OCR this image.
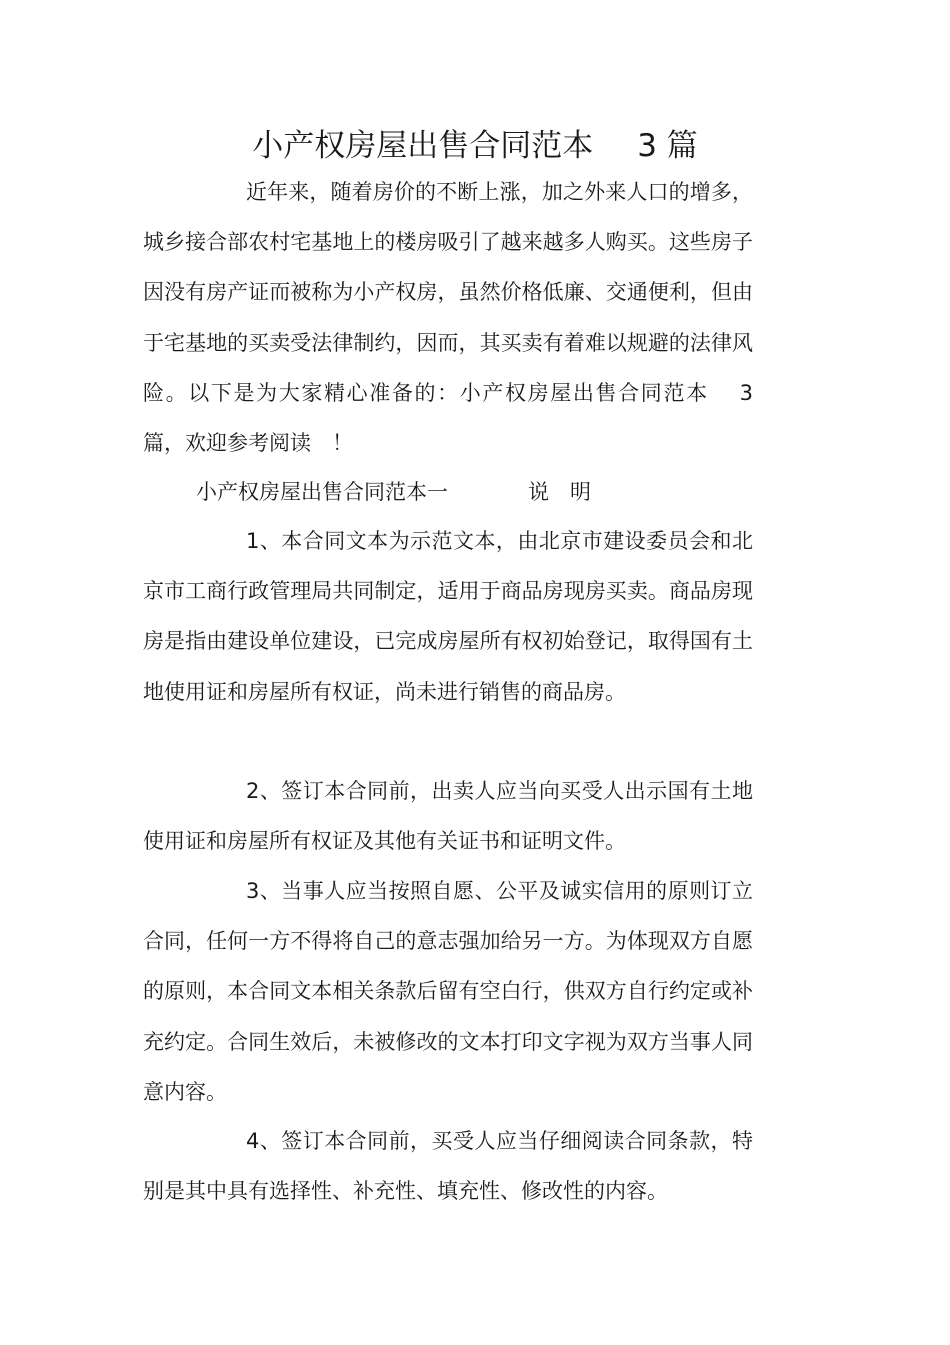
小产权房屋出售合同范本 3 篇

近年来，随着房价的不断上涨，加之外来人口的增多，城乡接合部农村宅基地上的楼房吸引了越来越多人购买。这些房子因没有房产证而被称为小产权房，虽然价格低廉、交通便利，但由于宅基地的买卖受法律制约，因而，其买卖有着难以规避的法律风险。以下是为大家精心准备的：小产权房屋出售合同范本　 3 篇，欢迎参考阅读　！

小产权房屋出售合同范本一	说　明

1、本合同文本为示范文本，由北京市建设委员会和北京市工商行政管理局共同制定，适用于商品房现房买卖。商品房现房是指由建设单位建设，已完成房屋所有权初始登记，取得国有土地使用证和房屋所有权证，尚未进行销售的商品房。

2、签订本合同前，出卖人应当向买受人出示国有土地使用证和房屋所有权证及其他有关证书和证明文件。

3、当事人应当按照自愿、公平及诚实信用的原则订立合同，任何一方不得将自己的意志强加给另一方。为体现双方自愿的原则，本合同文本相关条款后留有空白行，供双方自行约定或补充约定。合同生效后，未被修改的文本打印文字视为双方当事人同意内容。

4、签订本合同前，买受人应当仔细阅读合同条款，特别是其中具有选择性、补充性、填充性、修改性的内容。
